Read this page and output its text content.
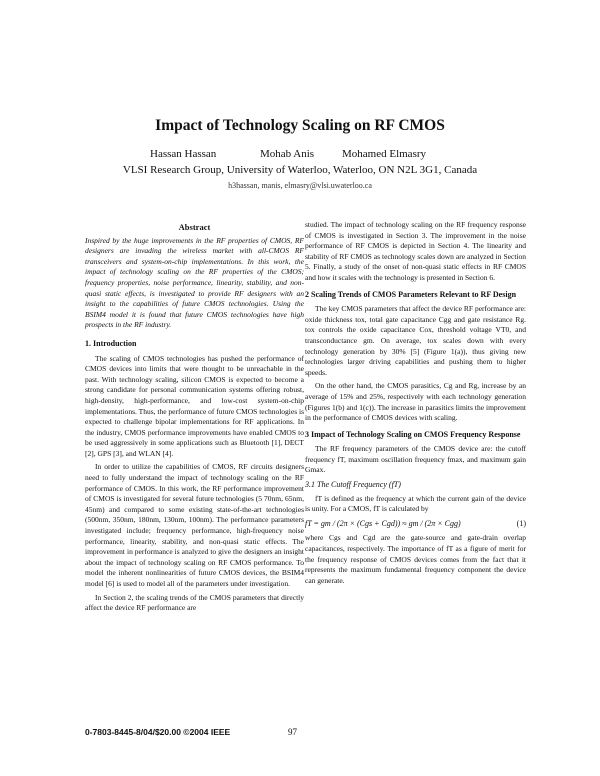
Impact of Technology Scaling on RF CMOS
Hassan Hassan	Mohab Anis	Mohamed Elmasry
VLSI Research Group, University of Waterloo, Waterloo, ON N2L 3G1, Canada
h3hassan, manis, elmasry@vlsi.uwaterloo.ca
Abstract

Inspired by the huge improvements in the RF properties of CMOS, RF designers are invading the wireless market with all-CMOS RF transceivers and system-on-chip implementations. In this work, the impact of technology scaling on the RF properties of the CMOS; frequency properties, noise performance, linearity, stability, and non-quasi static effects, is investigated to provide RF designers with an insight to the capabilities of future CMOS technologies. Using the BSIM4 model it is found that future CMOS technologies have high prospects in the RF industry.

1. Introduction

The scaling of CMOS technologies has pushed the performance of CMOS devices into limits that were thought to be unreachable in the past. With technology scaling, silicon CMOS is expected to become a strong candidate for personal communication systems offering robust, high-density, high-performance, and low-cost system-on-chip implementations. Thus, the performance of future CMOS technologies is expected to challenge bipolar implementations for RF applications. In the industry, CMOS performance improvements have enabled CMOS to be used aggressively in some applications such as Bluetooth [1], DECT [2], GPS [3], and WLAN [4].

In order to utilize the capabilities of CMOS, RF circuits designers need to fully understand the impact of technology scaling on the RF performance of CMOS. In this work, the RF performance improvement of CMOS is investigated for several future technologies (5 70nm, 65nm, 45nm) and compared to some existing state-of-the-art technologies (500nm, 350nm, 180nm, 130nm, 100nm). The performance parameters investigated include; frequency performance, high-frequency noise performance, linearity, stability, and non-quasi static effects. The improvement in performance is analyzed to give the designers an insight about the impact of technology scaling on RF CMOS performance. To model the inherent nonlinearities of future CMOS devices, the BSIM4 model [6] is used to model all of the parameters under investigation.

In Section 2, the scaling trends of the CMOS parameters that directly affect the device RF performance are

studied. The impact of technology scaling on the RF frequency response of CMOS is investigated in Section 3. The improvement in the noise performance of RF CMOS is depicted in Section 4. The linearity and stability of RF CMOS as technology scales down are analyzed in Section 5. Finally, a study of the onset of non-quasi static effects in RF CMOS and how it scales with the technology is presented in Section 6.

2 Scaling Trends of CMOS Parameters Relevant to RF Design

The key CMOS parameters that affect the device RF performance are: oxide thickness tox, total gate capacitance Cgg and gate resistance Rg. tox controls the oxide capacitance Cox, threshold voltage VT0, and transconductance gm. On average, tox scales down with every technology generation by 30% [5] (Figure 1(a)), thus giving new technologies larger driving capabilities and pushing them to higher speeds.

On the other hand, the CMOS parasitics, Cg and Rg, increase by an average of 15% and 25%, respectively with each technology generation (Figures 1(b) and 1(c)). The increase in parasitics limits the improvement in the performance of CMOS devices with scaling.

3 Impact of Technology Scaling on CMOS Frequency Response

The RF frequency parameters of the CMOS device are: the cutoff frequency fT, maximum oscillation frequency fmax, and maximum gain Gmax.

3.1 The Cutoff Frequency (fT)

fT is defined as the frequency at which the current gain of the device is unity. For a CMOS, fT is calculated by

fT = gm / (2π × (Cgs + Cgd)) ≈ gm / (2π × Cgg)	(1)

where Cgs and Cgd are the gate-source and gate-drain overlap capacitances, respectively. The importance of fT as a figure of merit for the frequency response of CMOS devices comes from the fact that it represents the maximum fundamental frequency component the device can generate.

0-7803-8445-8/04/$20.00 ©2004 IEEE	97
